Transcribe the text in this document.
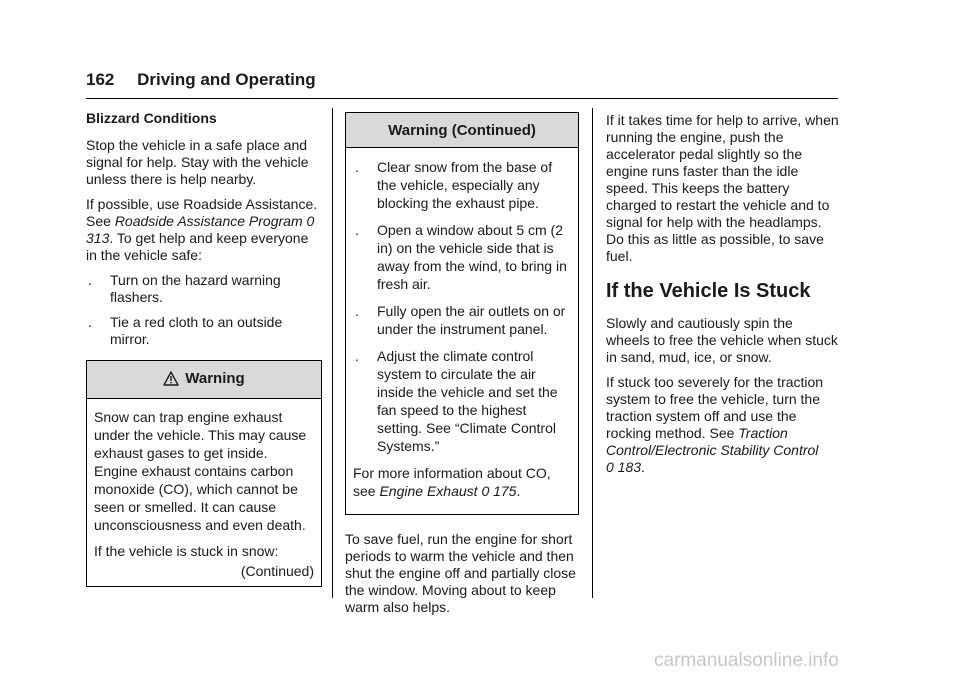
162 Driving and Operating
Blizzard Conditions

Stop the vehicle in a safe place and signal for help. Stay with the vehicle unless there is help nearby.

If possible, use Roadside Assistance. See Roadside Assistance Program 0 313. To get help and keep everyone in the vehicle safe:

.	Turn on the hazard warning flashers.
.	Tie a red cloth to an outside mirror.
Warning

Snow can trap engine exhaust under the vehicle. This may cause exhaust gases to get inside. Engine exhaust contains carbon monoxide (CO), which cannot be seen or smelled. It can cause unconsciousness and even death.

If the vehicle is stuck in snow:

(Continued)
Warning (Continued)
.	Clear snow from the base of the vehicle, especially any blocking the exhaust pipe.
.	Open a window about 5 cm (2 in) on the vehicle side that is away from the wind, to bring in fresh air.
.	Fully open the air outlets on or under the instrument panel.
.	Adjust the climate control system to circulate the air inside the vehicle and set the fan speed to the highest setting. See “Climate Control Systems.”

For more information about CO, see Engine Exhaust 0 175.

To save fuel, run the engine for short periods to warm the vehicle and then shut the engine off and partially close the window. Moving about to keep warm also helps.

If it takes time for help to arrive, when running the engine, push the accelerator pedal slightly so the engine runs faster than the idle speed. This keeps the battery charged to restart the vehicle and to signal for help with the headlamps. Do this as little as possible, to save fuel.

If the Vehicle Is Stuck

Slowly and cautiously spin the wheels to free the vehicle when stuck in sand, mud, ice, or snow.

If stuck too severely for the traction system to free the vehicle, turn the traction system off and use the rocking method. See Traction Control/Electronic Stability Control
0 183.

carmanualsonline.info
